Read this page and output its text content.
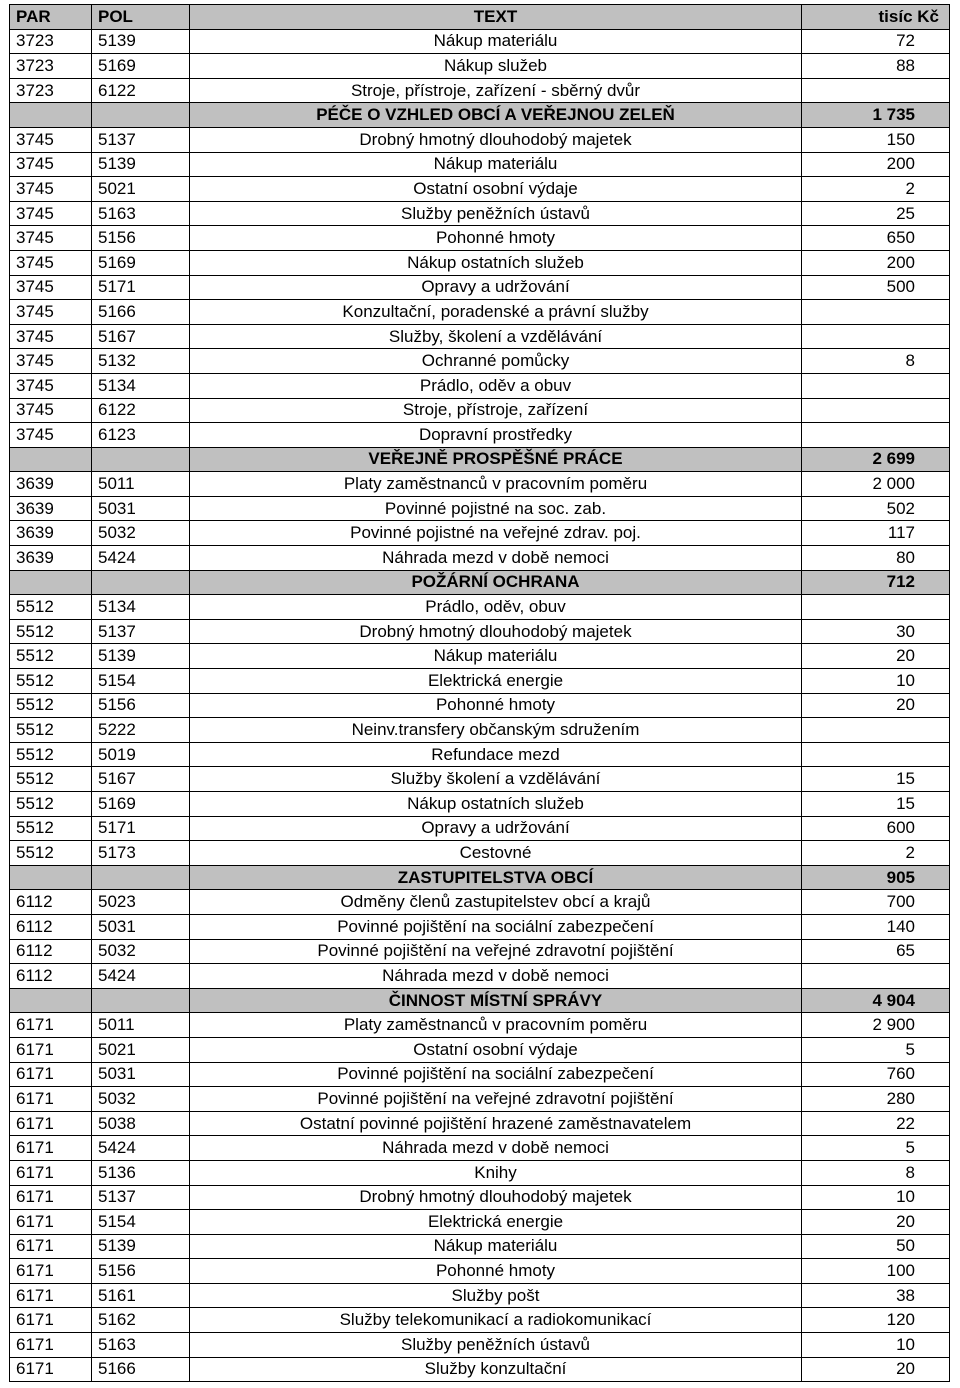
PAR	POL	TEXT	tisíc Kč
3723	5139	Nákup materiálu	72
3723	5169	Nákup služeb	88
3723	6122	Stroje, přístroje, zařízení - sběrný dvůr	
		PÉČE O VZHLED OBCÍ A VEŘEJNOU ZELEŇ	1 735
3745	5137	Drobný hmotný dlouhodobý majetek	150
3745	5139	Nákup materiálu	200
3745	5021	Ostatní osobní výdaje	2
3745	5163	Služby peněžních ústavů	25
3745	5156	Pohonné hmoty	650
3745	5169	Nákup ostatních služeb	200
3745	5171	Opravy a udržování	500
3745	5166	Konzultační, poradenské a právní služby	
3745	5167	Služby, školení a vzdělávání	
3745	5132	Ochranné pomůcky	8
3745	5134	Prádlo, oděv a obuv	
3745	6122	Stroje, přístroje, zařízení	
3745	6123	Dopravní prostředky	
		VEŘEJNĚ PROSPĚŠNÉ PRÁCE	2 699
3639	5011	Platy zaměstnanců v pracovním poměru	2 000
3639	5031	Povinné pojistné na soc. zab.	502
3639	5032	Povinné pojistné na veřejné zdrav. poj.	117
3639	5424	Náhrada mezd v době nemoci	80
		POŽÁRNÍ OCHRANA	712
5512	5134	Prádlo, oděv, obuv	
5512	5137	Drobný hmotný dlouhodobý majetek	30
5512	5139	Nákup materiálu	20
5512	5154	Elektrická energie	10
5512	5156	Pohonné hmoty	20
5512	5222	Neinv.transfery občanským sdružením	
5512	5019	Refundace mezd	
5512	5167	Služby školení a vzdělávání	15
5512	5169	Nákup ostatních služeb	15
5512	5171	Opravy a udržování	600
5512	5173	Cestovné	2
		ZASTUPITELSTVA OBCÍ	905
6112	5023	Odměny členů zastupitelstev obcí a krajů	700
6112	5031	Povinné pojištění na sociální zabezpečení	140
6112	5032	Povinné pojištění na veřejné zdravotní pojištění	65
6112	5424	Náhrada mezd v době nemoci	
		ČINNOST MÍSTNÍ SPRÁVY	4 904
6171	5011	Platy zaměstnanců v pracovním poměru	2 900
6171	5021	Ostatní osobní výdaje	5
6171	5031	Povinné pojištění na sociální zabezpečení	760
6171	5032	Povinné pojištění na veřejné zdravotní pojištění	280
6171	5038	Ostatní povinné pojištění hrazené zaměstnavatelem	22
6171	5424	Náhrada mezd v době nemoci	5
6171	5136	Knihy	8
6171	5137	Drobný hmotný dlouhodobý majetek	10
6171	5154	Elektrická energie	20
6171	5139	Nákup materiálu	50
6171	5156	Pohonné hmoty	100
6171	5161	Služby pošt	38
6171	5162	Služby telekomunikací a radiokomunikací	120
6171	5163	Služby peněžních ústavů	10
6171	5166	Služby konzultační	20
